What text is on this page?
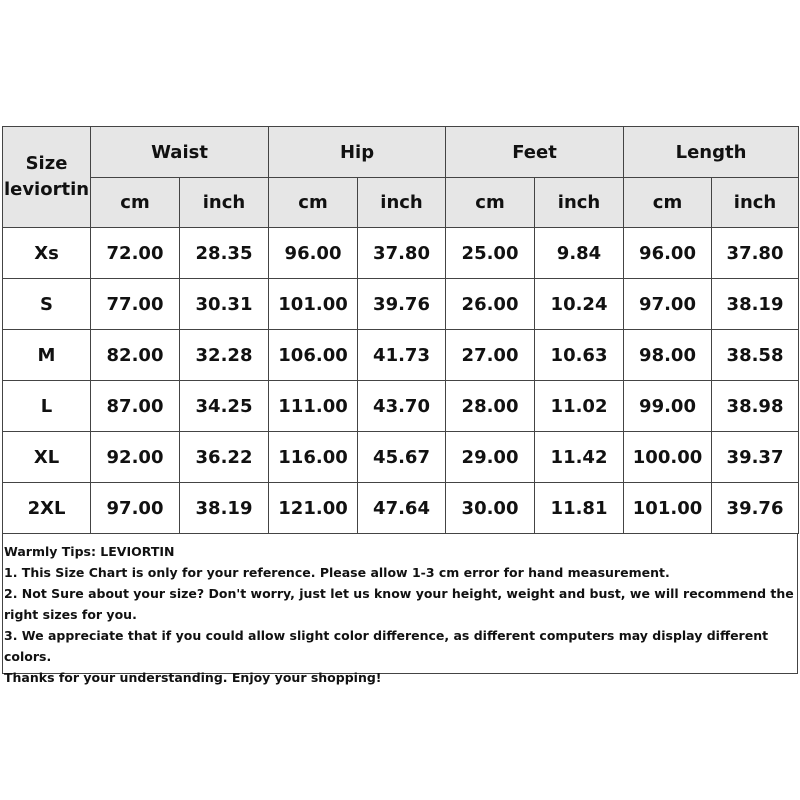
Size
leviortin	Waist		Hip		Feet		Length	
	cm	inch	cm	inch	cm	inch	cm	inch
Xs	72.00	28.35	96.00	37.80	25.00	9.84	96.00	37.80
S	77.00	30.31	101.00	39.76	26.00	10.24	97.00	38.19
M	82.00	32.28	106.00	41.73	27.00	10.63	98.00	38.58
L	87.00	34.25	111.00	43.70	28.00	11.02	99.00	38.98
XL	92.00	36.22	116.00	45.67	29.00	11.42	100.00	39.37
2XL	97.00	38.19	121.00	47.64	30.00	11.81	101.00	39.76
Warmly Tips: LEVIORTIN
1. This Size Chart is only for your reference. Please allow 1-3 cm error for hand measurement.
2. Not Sure about your size? Don't worry, just let us know your height, weight and bust, we will recommend the right sizes for you.
3. We appreciate that if you could allow slight color difference, as different computers may display different colors.
Thanks for your understanding. Enjoy your shopping!
